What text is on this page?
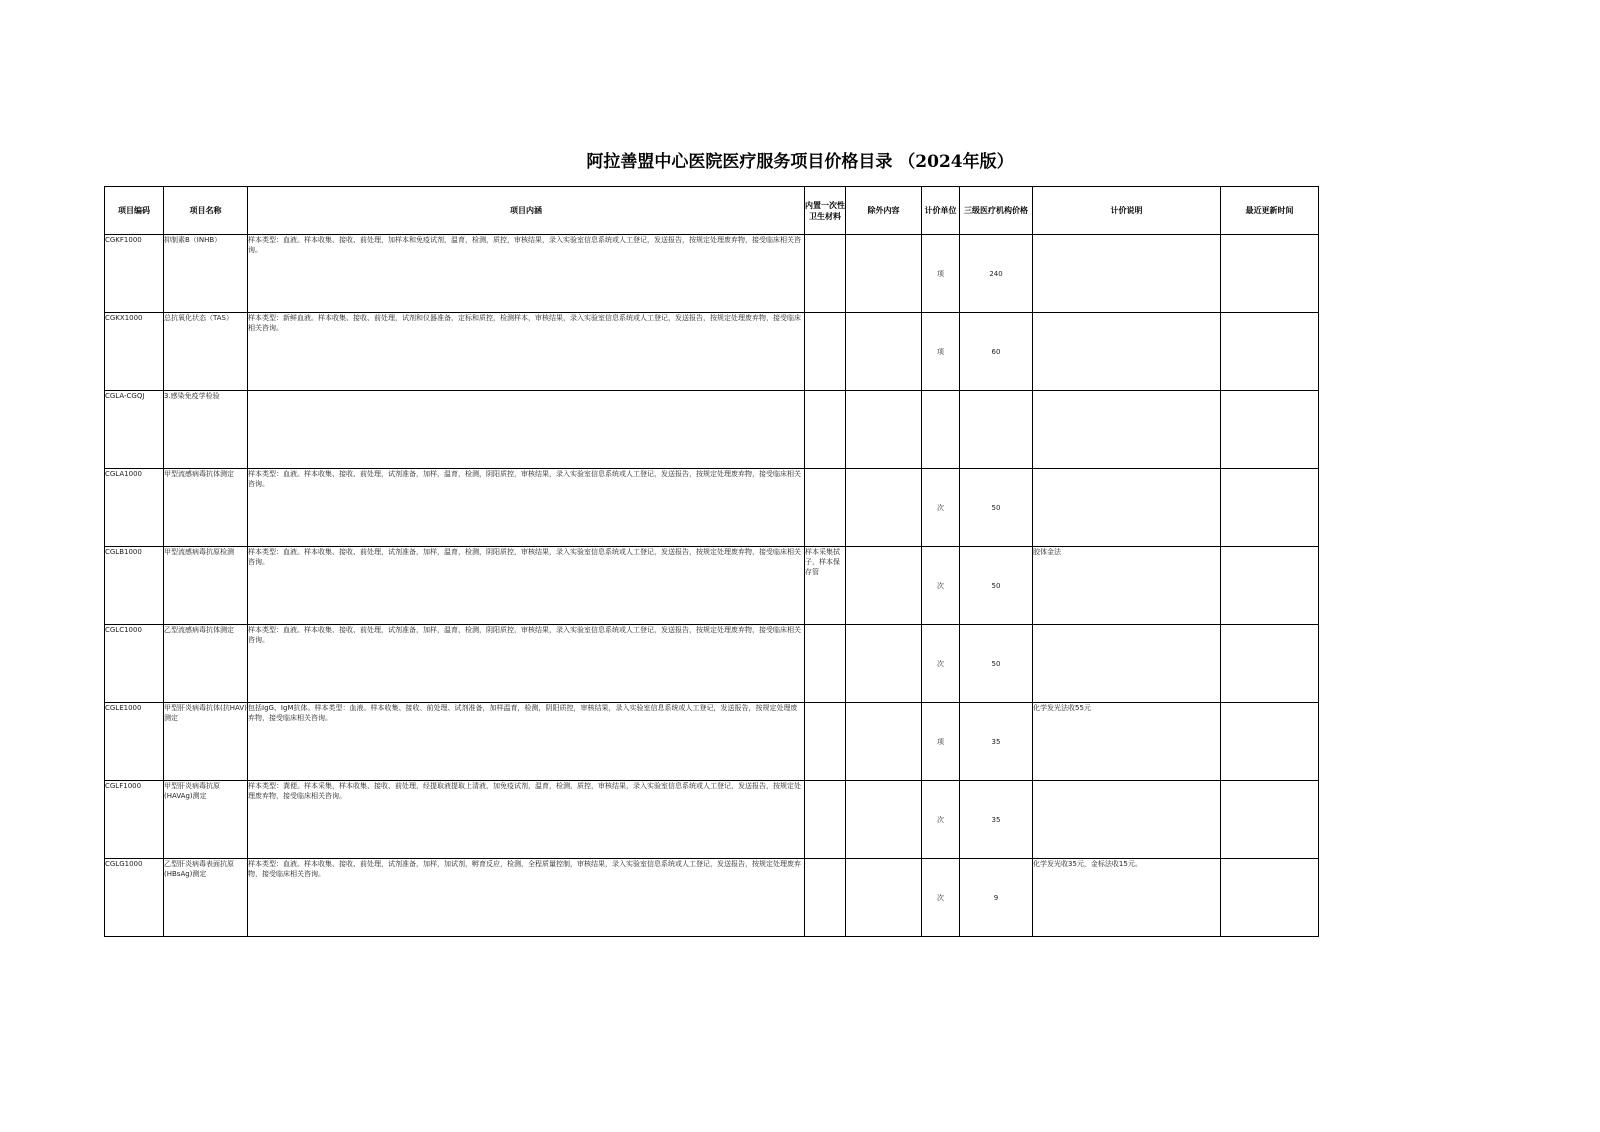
阿拉善盟中心医院医疗服务项目价格目录 （2024年版）
项目编码	项目名称	项目内涵	内置一次性卫生材料	除外内容	计价单位	三级医疗机构价格	计价说明	最近更新时间
CGKF1000	抑制素B（INHB）	样本类型：血液。样本收集、接收、前处理，加样本和免疫试剂，温育，检测，质控，审核结果，录入实验室信息系统或人工登记，发送报告，按规定处理废弃物，接受临床相关咨询。			项	240		
CGKX1000	总抗氧化状态（TAS）	样本类型：新鲜血液。样本收集、接收、前处理，试剂和仪器准备，定标和质控，检测样本，审核结果，录入实验室信息系统或人工登记，发送报告，按规定处理废弃物，接受临床相关咨询。			项	60		
CGLA-CGQJ	3.感染免疫学检验							
CGLA1000	甲型流感病毒抗体测定	样本类型：血液。样本收集、接收、前处理，试剂准备，加样，温育，检测，阴阳质控，审核结果，录入实验室信息系统或人工登记，发送报告，按规定处理废弃物，接受临床相关咨询。			次	50		
CGLB1000	甲型流感病毒抗原检测	样本类型：血液。样本收集、接收、前处理，试剂准备，加样，温育，检测，阴阳质控，审核结果，录入实验室信息系统或人工登记，发送报告，按规定处理废弃物，接受临床相关咨询。	样本采集拭子，样本保存管		次	50	胶体金法	
CGLC1000	乙型流感病毒抗体测定	样本类型：血液。样本收集、接收、前处理，试剂准备，加样，温育，检测，阴阳质控，审核结果，录入实验室信息系统或人工登记，发送报告，按规定处理废弃物，接受临床相关咨询。			次	50		
CGLE1000	甲型肝炎病毒抗体(抗HAV)测定	包括IgG、IgM抗体。样本类型：血液。样本收集、接收、前处理、试剂准备，加样温育，检测，阴阳质控，审核结果，录入实验室信息系统或人工登记，发送报告，按规定处理废弃物，接受临床相关咨询。			项	35	化学发光法收55元	
CGLF1000	甲型肝炎病毒抗原(HAVAg)测定	样本类型：粪便。样本采集，样本收集、接收、前处理，经提取液提取上清液，加免疫试剂，温育，检测，质控，审核结果，录入实验室信息系统或人工登记，发送报告，按规定处理废弃物，接受临床相关咨询。			次	35		
CGLG1000	乙型肝炎病毒表面抗原(HBsAg)测定	样本类型：血液。样本收集、接收、前处理，试剂准备，加样，加试剂，孵育反应，检测，全程质量控制，审核结果，录入实验室信息系统或人工登记，发送报告，按规定处理废弃物，接受临床相关咨询。			次	9	化学发光收35元，金标法收15元。	
